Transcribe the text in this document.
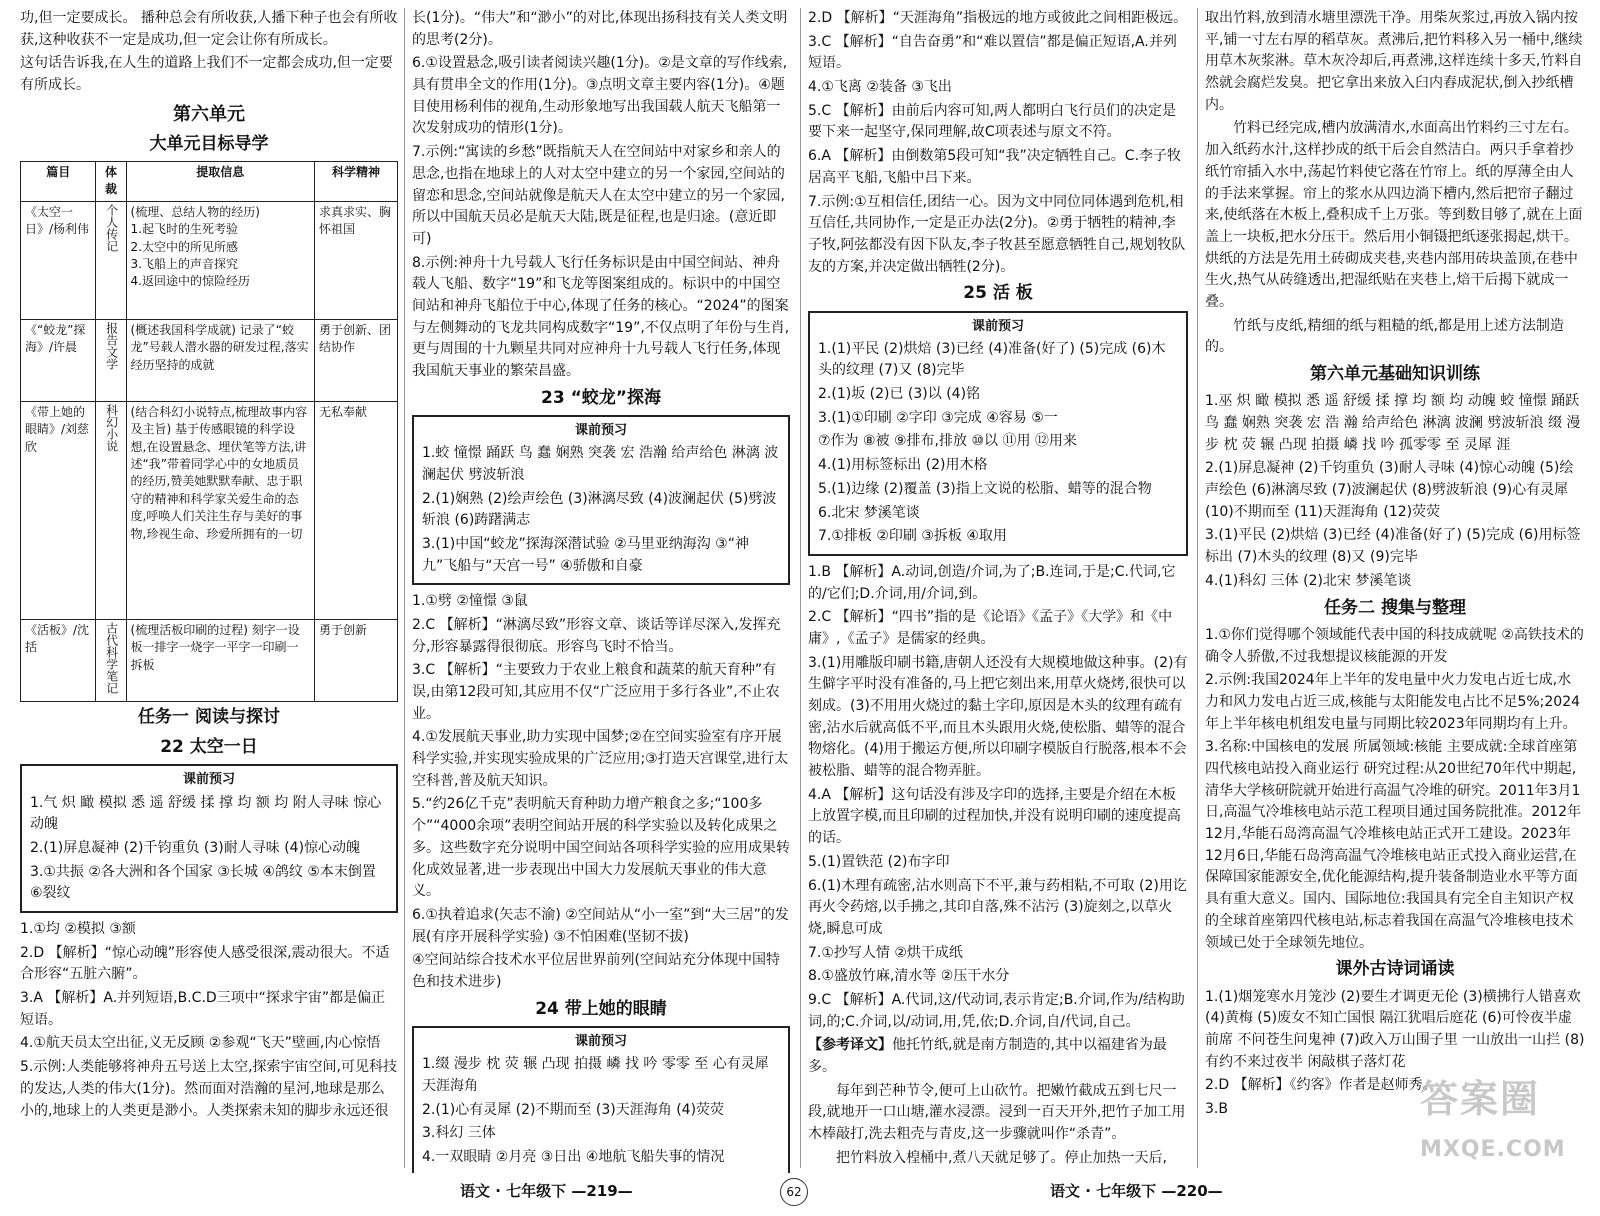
功,但一定要成长。 播种总会有所收获,人播下种子也会有所收获,这种收获不一定是成功,但一定会让你有所成长。

这句话告诉我,在人生的道路上我们不一定都会成功,但一定要有所成长。

第六单元
大单元目标导学
篇目	体裁	提取信息	科学精神
《太空一日》/杨利伟	个人传记	(梳理、总结人物的经历)
1.起飞时的生死考验
2.太空中的所见所感
3.飞船上的声音探究
4.返回途中的惊险经历	求真求实、胸怀祖国
《“蛟龙”探海》/许晨	报告文学	(概述我国科学成就) 记录了“蛟龙”号载人潜水器的研发过程,落实经历坚持的成就	勇于创新、团结协作
《带上她的眼睛》/刘慈欣	科幻小说	(结合科幻小说特点,梳理故事内容及主旨) 基于传感眼镜的科学设想,在设置悬念、埋伏笔等方法,讲述“我”带着同学心中的女地质员的经历,赞美她默默奉献、忠于职守的精神和科学家关爱生命的态度,呼唤人们关注生存与美好的事物,珍视生命、珍爱所拥有的一切	无私奉献
《活板》/沈括	古代科学笔记	(梳理活板印刷的过程) 刻字一设板一排字一烧字一平字一印刷一拆板	勇于创新
任务一 阅读与探讨
22 太空一日
课前预习

1.气 炽 瞰 模拟 悉 遥 舒缓 揉 撑 均 额 均 附人寻味 惊心动魄

2.(1)屏息凝神 (2)千钧重负 (3)耐人寻味 (4)惊心动魄

3.①共振 ②各大洲和各个国家 ③长城 ④鸽纹 ⑤本末倒置 ⑥裂纹

1.①均 ②模拟 ③额

2.D 【解析】“惊心动魄”形容使人感受很深,震动很大。不适合形容“五脏六腑”。

3.A 【解析】A.并列短语,B.C.D三项中“探求宇宙”都是偏正短语。

4.①航天员太空出征,义无反顾 ②参观“飞天”壁画,内心惊悟

5.示例:人类能够将神舟五号送上太空,探索宇宙空间,可见科技的发达,人类的伟大(1分)。然而面对浩瀚的星河,地球是那么小的,地球上的人类更是渺小。人类探索未知的脚步永远还很

长(1分)。“伟大”和“渺小”的对比,体现出扬科技有关人类文明的思考(2分)。

6.①设置悬念,吸引读者阅读兴趣(1分)。②是文章的写作线索,具有贯串全文的作用(1分)。③点明文章主要内容(1分)。④题目使用杨利伟的视角,生动形象地写出我国载人航天飞船第一次发射成功的情形(1分)。

7.示例:“寓读的乡愁”既指航天人在空间站中对家乡和亲人的思念,也指在地球上的人对太空中建立的另一个家园,空间站的留恋和思念,空间站就像是航天人在太空中建立的另一个家园,所以中国航天员必是航天大陆,既是征程,也是归途。(意近即可)

8.示例:神舟十九号载人飞行任务标识是由中国空间站、神舟载人飞船、数字“19”和飞龙等图案组成的。标识中的中国空间站和神舟飞船位于中心,体现了任务的核心。“2024”的图案与左侧舞动的飞龙共同构成数字“19”,不仅点明了年份与生肖,更与周围的十九颗星共同对应神舟十九号载人飞行任务,体现我国航天事业的繁荣昌盛。

23 “蛟龙”探海
课前预习

1.蛟 憧憬 踊跃 鸟 蠢 娴熟 突袭 宏 浩瀚 给声给色 淋漓 波澜起伏 劈波斩浪

2.(1)娴熟 (2)绘声绘色 (3)淋漓尽致 (4)波澜起伏 (5)劈波斩浪 (6)踌躇满志

3.(1)中国“蛟龙”探海深潜试验 ②马里亚纳海沟 ③“神九”飞船与“天宫一号” ④骄傲和自豪

1.①劈 ②憧憬 ③鼠

2.C 【解析】“淋漓尽致”形容文章、谈话等详尽深入,发挥充分,形容暴露得很彻底。形容鸟飞时不恰当。

3.C 【解析】“主要致力于农业上粮食和蔬菜的航天育种”有误,由第12段可知,其应用不仅“广泛应用于多行各业”,不止农业。

4.①发展航天事业,助力实现中国梦;②在空间实验室有序开展科学实验,并实现实验成果的广泛应用;③打造天宫课堂,进行太空科普,普及航天知识。

5.“约26亿千克”表明航天育种助力增产粮食之多;“100多个”“4000余项”表明空间站开展的科学实验以及转化成果之多。这些数字充分说明中国空间站各项科学实验的应用成果转化成效显著,进一步表现出中国大力发展航天事业的伟大意义。

6.①执着追求(矢志不渝) ②空间站从“小一室”到“大三居”的发展(有序开展科学实验) ③不怕困难(坚韧不拔)

④空间站综合技术水平位居世界前列(空间站充分体现中国特色和技术进步)

24 带上她的眼睛
课前预习

1.缀 漫步 枕 荧 辗 凸现 拍摄 嶙 找 吟 零零 至 心有灵犀 天涯海角

2.(1)心有灵犀 (2)不期而至 (3)天涯海角 (4)荧荧

3.科幻 三体

4.一双眼睛 ②月亮 ③日出 ④地航飞船失事的情况

2.D 【解析】“天涯海角”指极远的地方或彼此之间相距极远。

3.C 【解析】“自告奋勇”和“难以置信”都是偏正短语,A.并列短语。

4.①飞离 ②装备 ③飞出

5.C 【解析】由前后内容可知,两人都明白飞行员们的决定是要下来一起坚守,保同理解,故C项表述与原文不符。

6.A 【解析】由倒数第5段可知“我”决定牺牲自己。C.李子牧居高平飞船,飞船中吕下来。

7.示例:①互相信任,团结一心。因为文中同位同体遇到危机,相互信任,共同协作,一定是正办法(2分)。②勇于牺牲的精神,李子牧,阿弦都没有因下队友,李子牧甚至愿意牺牲自己,规划牧队友的方案,并决定做出牺牲(2分)。

25 活 板
课前预习

1.(1)平民 (2)烘焙 (3)已经 (4)准备(好了) (5)完成 (6)木头的纹理 (7)又 (8)完毕

2.(1)坂 (2)已 (3)以 (4)铭

3.(1)①印刷 ②字印 ③完成 ④容易 ⑤一

⑦作为 ⑧被 ⑨排布,排放 ⑩以 ⑪用 ⑫用来

4.(1)用标签标出 (2)用木格

5.(1)边缘 (2)覆盖 (3)指上文说的松脂、蜡等的混合物

6.北宋 梦溪笔谈

7.①排板 ②印刷 ③拆板 ④取用

1.B 【解析】A.动词,创造/介词,为了;B.连词,于是;C.代词,它的/它们;D.介词,用/介词,到。

2.C 【解析】“四书”指的是《论语》《孟子》《大学》和《中庸》,《孟子》是儒家的经典。

3.(1)用雕版印刷书籍,唐朝人还没有大规模地做这种事。(2)有生僻字平时没有准备的,马上把它刻出来,用草火烧烤,很快可以刻成。(3)不用用火烧过的黏土字印,原因是木头的纹理有疏有密,沾水后就高低不平,而且木头跟用火烧,使松脂、蜡等的混合物熔化。(4)用于搬运方便,所以印刷字模版自行脱落,根本不会被松脂、蜡等的混合物弄脏。

4.A 【解析】这句话没有涉及字印的选择,主要是介绍在木板上放置字模,而且印刷的过程加快,并没有说明印刷的速度提高的话。

5.(1)置铁范 (2)布字印

6.(1)木理有疏密,沾水则高下不平,兼与药相粘,不可取 (2)用讫再火令药熔,以手拂之,其印自落,殊不沾污 (3)旋刻之,以草火烧,瞬息可成

7.①抄写人情 ②烘干成纸

8.①盛放竹麻,清水等 ②压干水分

9.C 【解析】A.代词,这/代动词,表示肯定;B.介词,作为/结构助词,的;C.介词,以/动词,用,凭,依;D.介词,自/代词,自己。

【参考译文】他托竹纸,就是南方制造的,其中以福建省为最多。

每年到芒种节令,便可上山砍竹。把嫩竹截成五到七尺一段,就地开一口山塘,灌水浸漂。浸到一百天开外,把竹子加工用木棒敲打,洗去粗壳与青皮,这一步骤就叫作“杀青”。

把竹料放入楻桶中,煮八天就足够了。停止加热一天后,

取出竹料,放到清水塘里漂洗干净。用柴灰浆过,再放入锅内按平,铺一寸左右厚的稻草灰。煮沸后,把竹料移入另一桶中,继续用草木灰浆淋。草木灰冷却后,再煮沸,这样连续十多天,竹料自然就会腐烂发臭。把它拿出来放入臼内舂成泥状,倒入抄纸槽内。

竹料已经完成,槽内放满清水,水面高出竹料约三寸左右。加入纸药水汁,这样抄成的纸干后会自然洁白。两只手拿着抄纸竹帘插入水中,荡起竹料使它落在竹帘上。纸的厚薄全由人的手法来掌握。帘上的浆水从四边淌下槽内,然后把帘子翻过来,使纸落在木板上,叠积成千上万张。等到数目够了,就在上面盖上一块板,把水分压干。然后用小铜镊把纸逐张揭起,烘干。烘纸的方法是先用土砖砌成夹巷,夹巷内部用砖块盖顶,在巷中生火,热气从砖缝透出,把湿纸贴在夹巷上,焙干后揭下就成一叠。

竹纸与皮纸,精细的纸与粗糙的纸,都是用上述方法制造的。

第六单元基础知识训练

1.巫 炽 瞰 模拟 悉 遥 舒缓 揉 撑 均 额 均 动魄 蛟 憧憬 踊跃 鸟 蠢 娴熟 突袭 宏 浩 瀚 给声给色 淋漓 波澜 劈波斩浪 缀 漫步 枕 荧 辗 凸现 拍摄 嶙 找 吟 孤零零 至 灵犀 涯

2.(1)屏息凝神 (2)千钧重负 (3)耐人寻味 (4)惊心动魄 (5)绘声绘色 (6)淋漓尽致 (7)波澜起伏 (8)劈波斩浪 (9)心有灵犀 (10)不期而至 (11)天涯海角 (12)荧荧

3.(1)平民 (2)烘焙 (3)已经 (4)准备(好了) (5)完成 (6)用标签标出 (7)木头的纹理 (8)又 (9)完毕

4.(1)科幻 三体 (2)北宋 梦溪笔谈

任务二 搜集与整理

1.①你们觉得哪个领域能代表中国的科技成就呢 ②高铁技术的确令人骄傲,不过我想提议核能源的开发

2.示例:我国2024年上半年的发电量中火力发电占近七成,水力和风力发电占近三成,核能与太阳能发电占比不足5%;2024年上半年核电机组发电量与同期比较2023年同期均有上升。

3.名称:中国核电的发展 所属领域:核能 主要成就:全球首座第四代核电站投入商业运行 研究过程:从20世纪70年代中期起,清华大学核研院就开始进行高温气冷堆的研究。2011年3月1日,高温气冷堆核电站示范工程项目通过国务院批准。2012年12月,华能石岛湾高温气冷堆核电站正式开工建设。2023年12月6日,华能石岛湾高温气冷堆核电站正式投入商业运营,在保障国家能源安全,优化能源结构,提升装备制造业水平等方面具有重大意义。国内、国际地位:我国具有完全自主知识产权的全球首座第四代核电站,标志着我国在高温气冷堆核电技术领域已处于全球领先地位。

课外古诗词诵读

1.(1)烟笼寒水月笼沙 (2)要生才调更无伦 (3)横拂行人错喜欢 (4)黄梅 (5)废女不知亡国恨 隔江犹唱后庭花 (6)可怜夜半虚前席 不问苍生问鬼神 (7)政入万山围子里 一山放出一山拦 (8)有约不来过夜半 闲敲棋子落灯花

2.D 【解析】《约客》作者是赵师秀。

3.B

语文 · 七年级下 —219—	62	语文 · 七年级下 —220—
答案圈
MXQE.COM
